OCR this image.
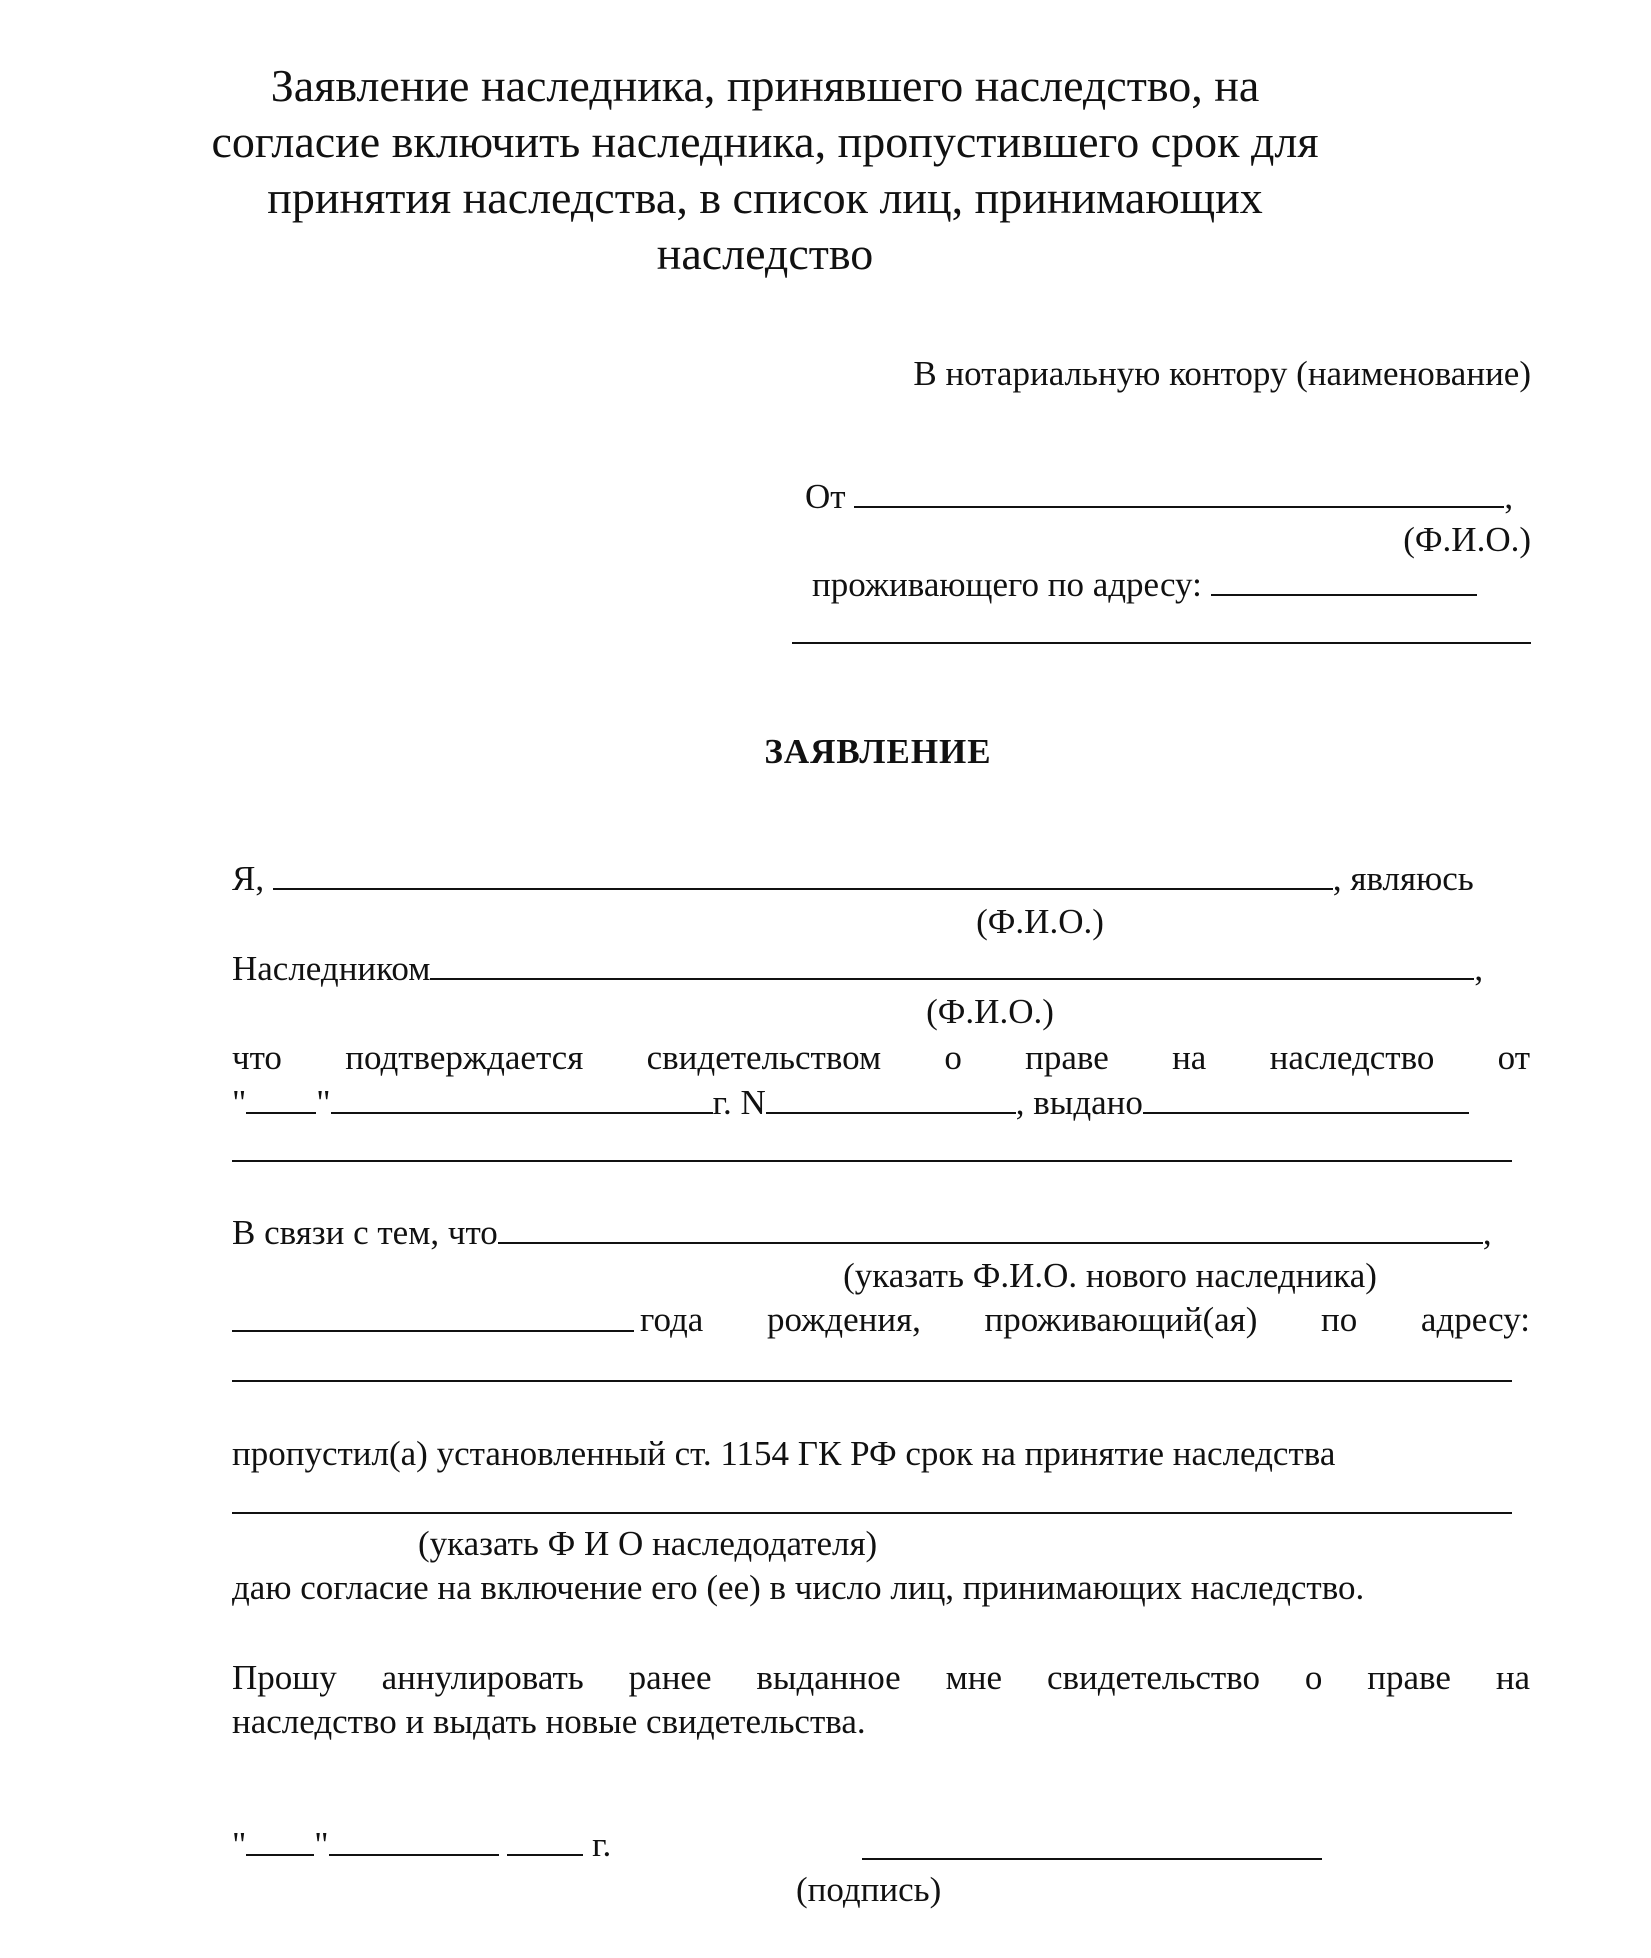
Заявление наследника, принявшего наследство, на согласие включить наследника, пропустившего срок для принятия наследства, в список лиц, принимающих наследство
В нотариальную контору (наименование)
От	,
(Ф.И.О.)
проживающего по адресу:
ЗАЯВЛЕНИЕ
Я,	, являюсь
(Ф.И.О.)
Наследником	,
(Ф.И.О.)
что подтверждается свидетельством о праве на наследство от
" "	г. N	, выдано
В связи с тем, что	,
(указать Ф.И.О. нового наследника)
года рождения, проживающий(ая) по адресу:
пропустил(а) установленный ст. 1154 ГК РФ срок на принятие наследства
(указать Ф И О наследодателя)
даю согласие на включение его (ее) в число лиц, принимающих наследство.
Прошу аннулировать ранее выданное мне свидетельство о праве на
наследство и выдать новые свидетельства.
" "	г.
(подпись)
